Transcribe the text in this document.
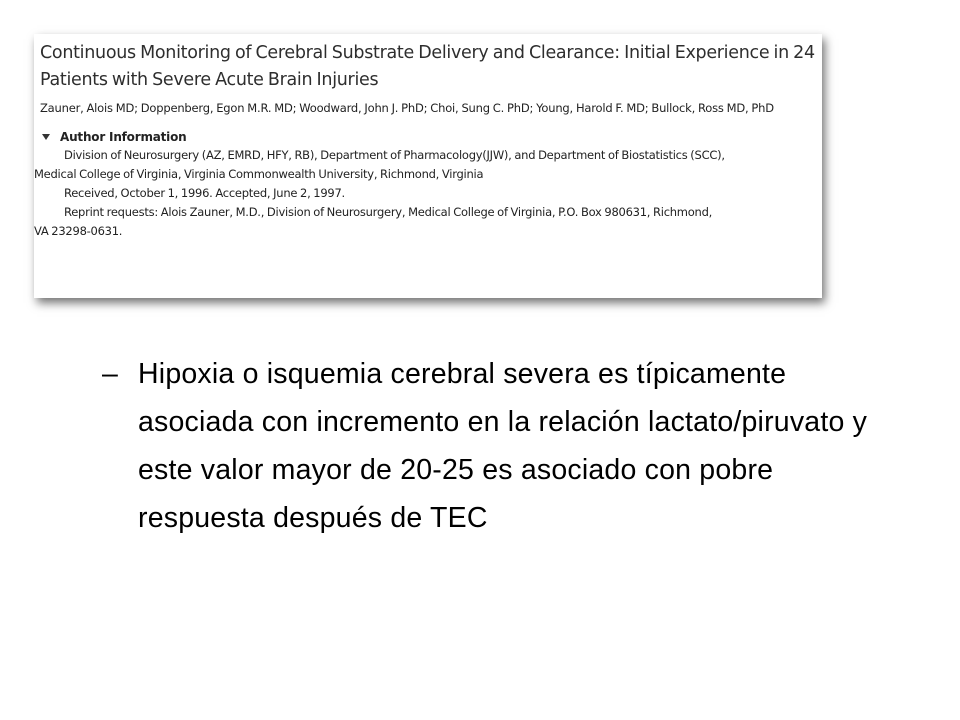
Continuous Monitoring of Cerebral Substrate Delivery and Clearance: Initial Experience in 24 Patients with Severe Acute Brain Injuries

Zauner, Alois MD; Doppenberg, Egon M.R. MD; Woodward, John J. PhD; Choi, Sung C. PhD; Young, Harold F. MD; Bullock, Ross MD, PhD

Author Information

Division of Neurosurgery (AZ, EMRD, HFY, RB), Department of Pharmacology(JJW), and Department of Biostatistics (SCC),

Medical College of Virginia, Virginia Commonwealth University, Richmond, Virginia

Received, October 1, 1996. Accepted, June 2, 1997.

Reprint requests: Alois Zauner, M.D., Division of Neurosurgery, Medical College of Virginia, P.O. Box 980631, Richmond,

VA 23298-0631.

– Hipoxia o isquemia cerebral severa es típicamente asociada con incremento en la relación lactato/piruvato y este valor mayor de 20-25 es asociado con pobre respuesta después de TEC
